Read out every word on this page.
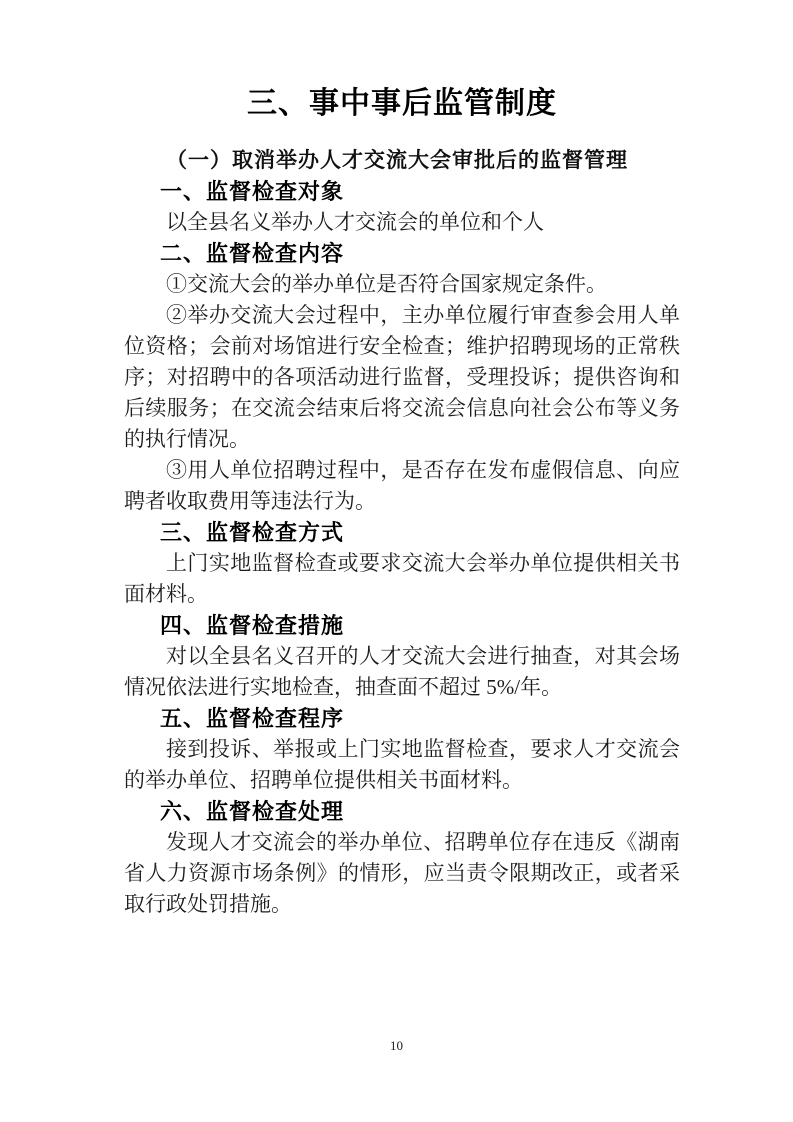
三、事中事后监管制度

（一）取消举办人才交流大会审批后的监督管理

一、监督检查对象

以全县名义举办人才交流会的单位和个人

二、监督检查内容

①交流大会的举办单位是否符合国家规定条件。

②举办交流大会过程中，主办单位履行审查参会用人单位资格；会前对场馆进行安全检查；维护招聘现场的正常秩序；对招聘中的各项活动进行监督，受理投诉；提供咨询和后续服务；在交流会结束后将交流会信息向社会公布等义务的执行情况。

③用人单位招聘过程中，是否存在发布虚假信息、向应聘者收取费用等违法行为。

三、监督检查方式

上门实地监督检查或要求交流大会举办单位提供相关书面材料。

四、监督检查措施

对以全县名义召开的人才交流大会进行抽查，对其会场情况依法进行实地检查，抽查面不超过 5%/年。

五、监督检查程序

接到投诉、举报或上门实地监督检查，要求人才交流会的举办单位、招聘单位提供相关书面材料。

六、监督检查处理

发现人才交流会的举办单位、招聘单位存在违反《湖南省人力资源市场条例》的情形，应当责令限期改正，或者采取行政处罚措施。

10
